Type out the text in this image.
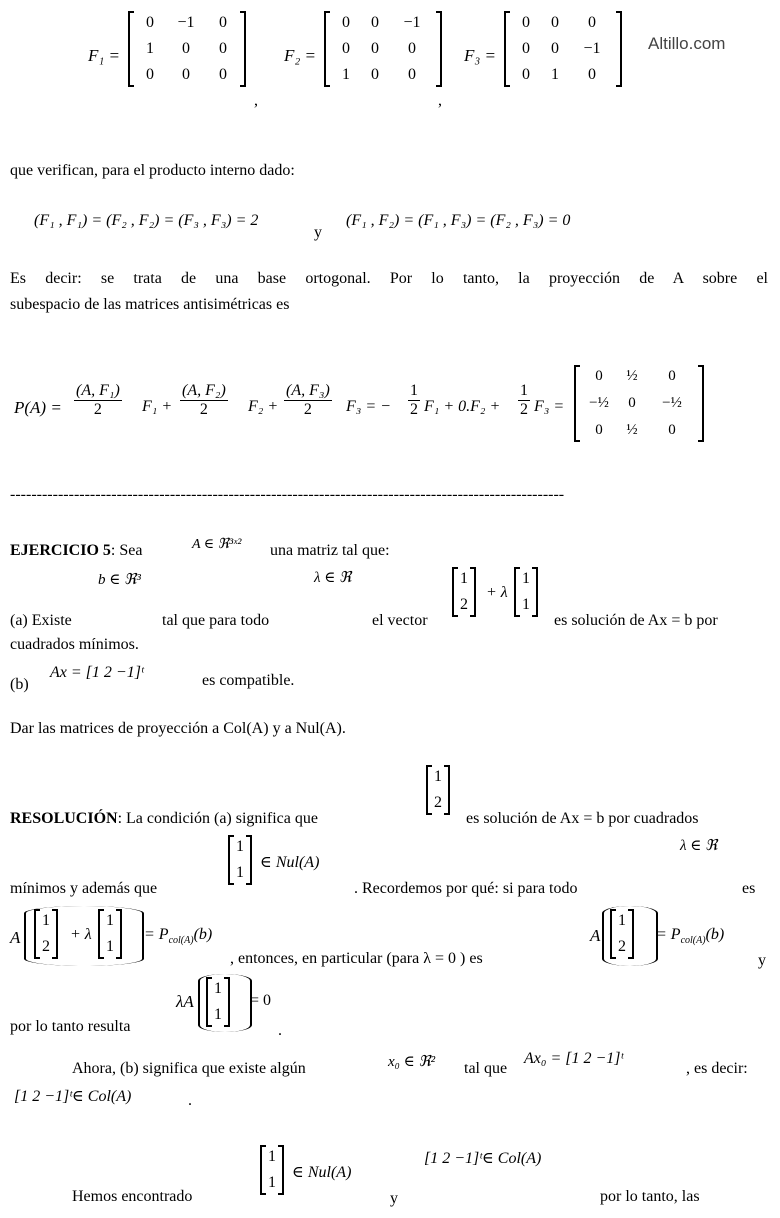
Altillo.com
F₁ =
0	−1	0
1	0	0
0	0	0
,
F₂ =
0	0	−1
0	0	0
1	0	0
,
F₃ =
0	0	0
0	0	−1
0	1	0
que verifican, para el producto interno dado:
(F₁ , F₁) = (F₂ , F₂) = (F₃ , F₃) = 2
y
(F₁ , F₂) = (F₁ , F₃) = (F₂ , F₃) = 0
Es decir: se trata de una base ortogonal. Por lo tanto, la proyección de A sobre el
subespacio de las matrices antisimétricas es
$P(A) = \frac{\text{(A, F₁)}}{2} F_1 + \frac{\text{(A, F₂)}}{2} F_2 + \frac{\text{(A, F₃)}}{2} F_3$ = − $\frac{1}{2} F_1 + 0.F_2 + \frac{1}{2} F_3$ =
0	½	0
−½	0	−½
0	½	0
--------------------------------------------------------------------------------------------------------
EJERCICIO 5: Sea	A ∈ ℜ³ˣ² una matriz tal que:
b ∈ ℜ³	λ ∈ ℜ
(a) Existe	tal que para todo	el vector
1
2
+ λ
1
1
es solución de Ax = b por
cuadrados mínimos.
(b)
Ax = [1 2 −1]ᵗ	es compatible.
Dar las matrices de proyección a Col(A) y a Nul(A).
RESOLUCIÓN: La condición (a) significa que
1
2
es solución de Ax = b por cuadrados
λ ∈ ℜ
1
1
∈ Nul(A)
mínimos y además que	. Recordemos por qué: si para todo	es
A
1
2
+ λ
1
1
= $P_{col(A)}(b)$
, entonces, en particular (para λ = 0 ) es
A
1
2
= $P_{col(A)}(b)$
y
λA
1
1
= 0
por lo tanto resulta	.
Ahora, (b) significa que existe algún	x₀ ∈ ℜ² tal que
Ax₀ = [1 2 −1]ᵗ
, es decir:
[1 2 −1]ᵗ∈ Col(A)	.
[1 2 −1]ᵗ∈ Col(A)
1
1
∈ Nul(A)
Hemos encontrado	y	por lo tanto, las
